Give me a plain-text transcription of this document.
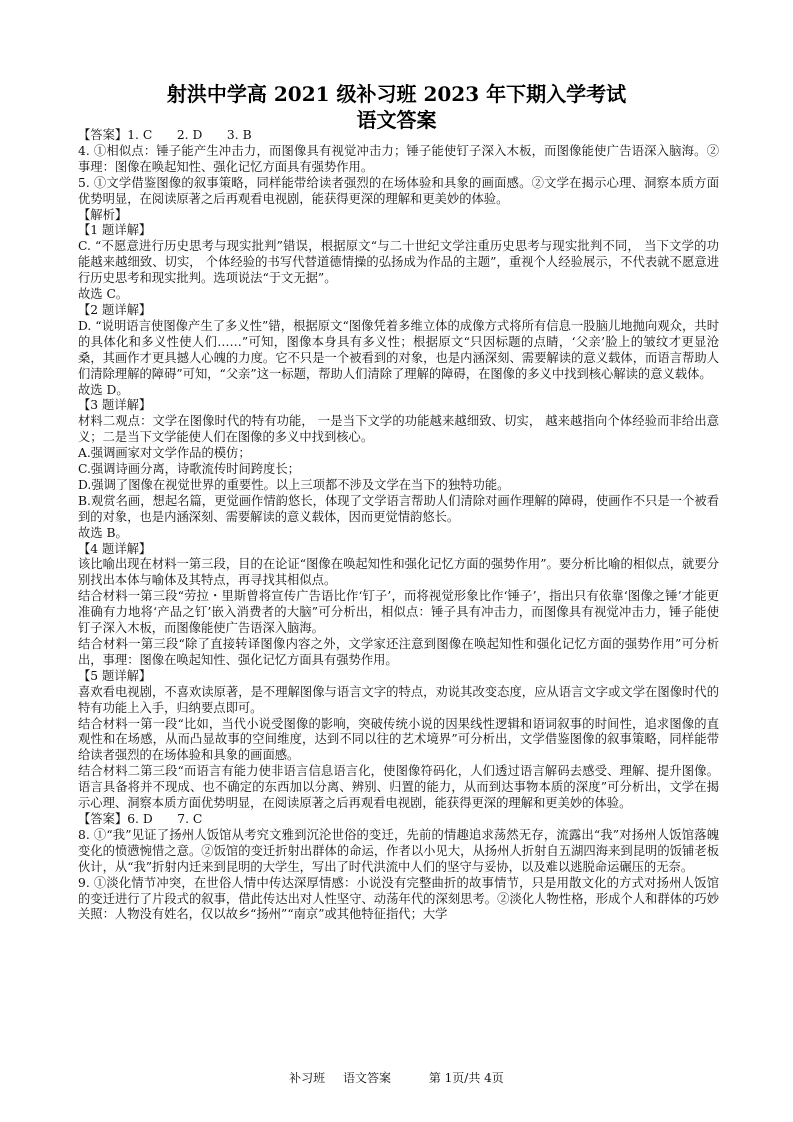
射洪中学高 2021 级补习班 2023 年下期入学考试
语文答案

【答案】1. C　　2. D　　3. B

4. ①相似点：锤子能产生冲击力，而图像具有视觉冲击力；锤子能使钉子深入木板，而图像能使广告语深入脑海。②事理：图像在唤起知性、强化记忆方面具有强势作用。

5. ①文学借鉴图像的叙事策略，同样能带给读者强烈的在场体验和具象的画面感。②文学在揭示心理、洞察本质方面优势明显，在阅读原著之后再观看电视剧，能获得更深的理解和更美妙的体验。

【解析】

【1 题详解】

C. “不愿意进行历史思考与现实批判”错误，根据原文“与二十世纪文学注重历史思考与现实批判不同， 当下文学的功能越来越细致、切实， 个体经验的书写代替道德情操的弘扬成为作品的主题”，重视个人经验展示，不代表就不愿意进行历史思考和现实批判。选项说法“于文无据”。

故选 C。

【2 题详解】

D. “说明语言使图像产生了多义性”错，根据原文“图像凭着多维立体的成像方式将所有信息一股脑儿地抛向观众，共时的具体化和多义性使人们……”可知，图像本身具有多义性；根据原文“只因标题的点睛，‘父亲’脸上的皱纹才更显沧桑，其画作才更具撼人心魄的力度。它不只是一个被看到的对象，也是内涵深刻、需要解读的意义载体，而语言帮助人们清除理解的障碍”可知，“父亲”这一标题，帮助人们清除了理解的障碍，在图像的多义中找到核心解读的意义载体。

故选 D。

【3 题详解】

材料二观点：文学在图像时代的特有功能， 一是当下文学的功能越来越细致、切实， 越来越指向个体经验而非给出意义；二是当下文学能使人们在图像的多义中找到核心。

A.强调画家对文学作品的模仿；

C.强调诗画分离，诗歌流传时间跨度长；

D.强调了图像在视觉世界的重要性。以上三项都不涉及文学在当下的独特功能。

B.观赏名画，想起名篇，更觉画作情韵悠长，体现了文学语言帮助人们清除对画作理解的障碍，使画作不只是一个被看到的对象，也是内涵深刻、需要解读的意义载体，因而更觉情韵悠长。

故选 B。

【4 题详解】

该比喻出现在材料一第三段，目的在论证“图像在唤起知性和强化记忆方面的强势作用”。要分析比喻的相似点，就要分别找出本体与喻体及其特点，再寻找其相似点。

结合材料一第三段“劳拉・里斯曾将宣传广告语比作‘钉子’，而将视觉形象比作‘锤子’，指出只有依靠‘图像之锤’才能更准确有力地将‘产品之钉’嵌入消费者的大脑”可分析出，相似点：锤子具有冲击力，而图像具有视觉冲击力，锤子能使钉子深入木板，而图像能使广告语深入脑海。

结合材料一第三段“除了直接转译图像内容之外，文学家还注意到图像在唤起知性和强化记忆方面的强势作用”可分析出，事理：图像在唤起知性、强化记忆方面具有强势作用。

【5 题详解】

喜欢看电视剧，不喜欢读原著，是不理解图像与语言文字的特点，劝说其改变态度，应从语言文字或文学在图像时代的特有功能上入手，归纳要点即可。

结合材料一第一段“比如，当代小说受图像的影响，突破传统小说的因果线性逻辑和语词叙事的时间性，追求图像的直观性和在场感，从而凸显故事的空间维度，达到不同以往的艺术境界”可分析出，文学借鉴图像的叙事策略，同样能带给读者强烈的在场体验和具象的画面感。

结合材料二第三段“而语言有能力使非语言信息语言化，使图像符码化，人们透过语言解码去感受、理解、提升图像。语言具备将并不现成、也不确定的东西加以分离、辨别、归置的能力，从而到达事物本质的深度”可分析出，文学在揭示心理、洞察本质方面优势明显，在阅读原著之后再观看电视剧，能获得更深的理解和更美妙的体验。

【答案】6. D　　7. C

8. ①“我”见证了扬州人饭馆从考究文雅到沉沦世俗的变迁，先前的情趣追求荡然无存，流露出“我”对扬州人饭馆落魄变化的愤懑惋惜之意。②饭馆的变迁折射出群体的命运，作者以小见大，从扬州人折射自五湖四海来到昆明的饭铺老板伙计，从“我”折射内迁来到昆明的大学生，写出了时代洪流中人们的坚守与妥协，以及难以逃脱命运碾压的无奈。

9. ①淡化情节冲突，在世俗人情中传达深厚情感：小说没有完整曲折的故事情节，只是用散文化的方式对扬州人饭馆的变迁进行了片段式的叙事，借此传达出对人性坚守、动荡年代的深刻思考。②淡化人物性格，形成个人和群体的巧妙关照：人物没有姓名，仅以故乡“扬州”“南京”或其他特征指代；大学

补习班 语文答案	第 1页/共 4页
